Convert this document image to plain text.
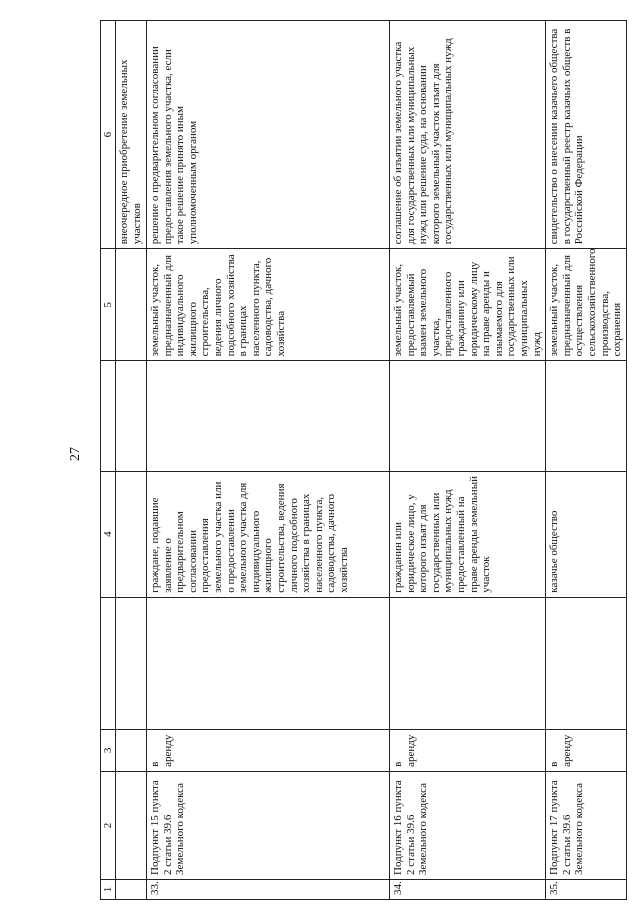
27
1	2	3		4		5	6
							внеочередное приобретение земельных участков
33.	Подпункт 15 пункта 2 статьи 39.6 Земельного кодекса	в аренду		граждане, подавшие заявление о предварительном согласовании предоставления земельного участка или о предоставлении земельного участка для индивидуального жилищного строительства, ведения личного подсобного хозяйства в границах населенного пункта, садоводства, дачного хозяйства		земельный участок, предназначенный для индивидуального жилищного строительства, ведения личного подсобного хозяйства в границах населенного пункта, садоводства, дачного хозяйства	решение о предварительном согласовании предоставления земельного участка, если такое решение принято иным уполномоченным органом
34.	Подпункт 16 пункта 2 статьи 39.6 Земельного кодекса	в аренду		гражданин или юридическое лицо, у которого изъят для государственных или муниципальных нужд предоставленный на праве аренды земельный участок		земельный участок, предоставляемый взамен земельного участка, предоставленного гражданину или юридическому лицу на праве аренды и изымаемого для государственных или муниципальных нужд	соглашение об изъятии земельного участка для государственных или муниципальных нужд или решение суда, на основании которого земельный участок изъят для государственных или муниципальных нужд
35.	Подпункт 17 пункта 2 статьи 39.6 Земельного кодекса	в аренду		казачье общество		земельный участок, предназначенный для осуществления сельскохозяйственного производства, сохранения	свидетельство о внесении казачьего общества в государственный реестр казачьих обществ в Российской Федерации
